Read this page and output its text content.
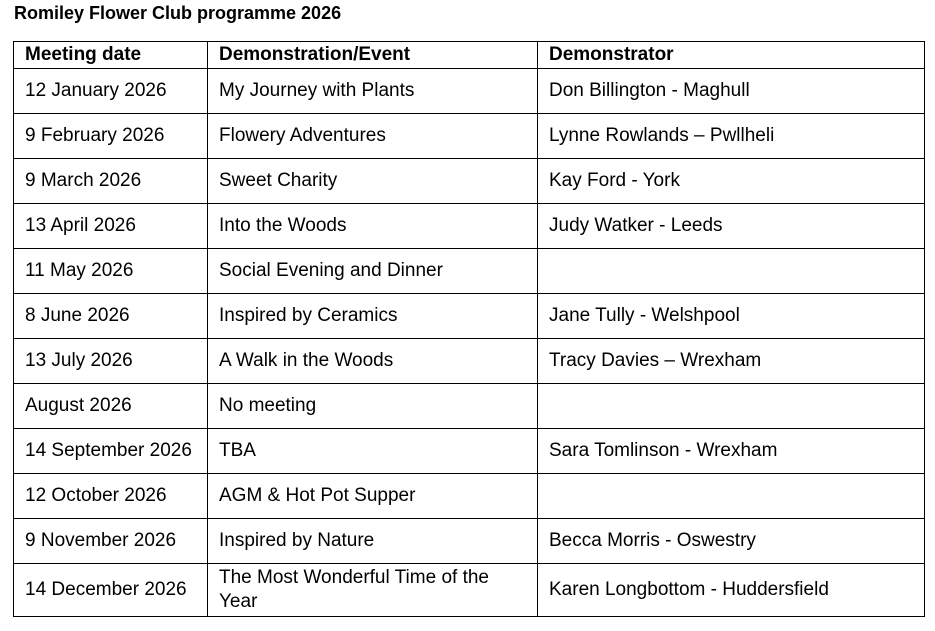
Romiley Flower Club programme 2026
Meeting date	Demonstration/Event	Demonstrator
12 January 2026	My Journey with Plants	Don Billington - Maghull
9 February 2026	Flowery Adventures	Lynne Rowlands – Pwllheli
9 March 2026	Sweet Charity	Kay Ford - York
13 April 2026	Into the Woods	Judy Watker - Leeds
11 May 2026	Social Evening and Dinner	
8 June 2026	Inspired by Ceramics	Jane Tully - Welshpool
13 July 2026	A Walk in the Woods	Tracy Davies – Wrexham
August 2026	No meeting	
14 September 2026	TBA	Sara Tomlinson - Wrexham
12 October 2026	AGM & Hot Pot Supper	
9 November 2026	Inspired by Nature	Becca Morris - Oswestry
14 December 2026	The Most Wonderful Time of the Year	Karen Longbottom - Huddersfield
